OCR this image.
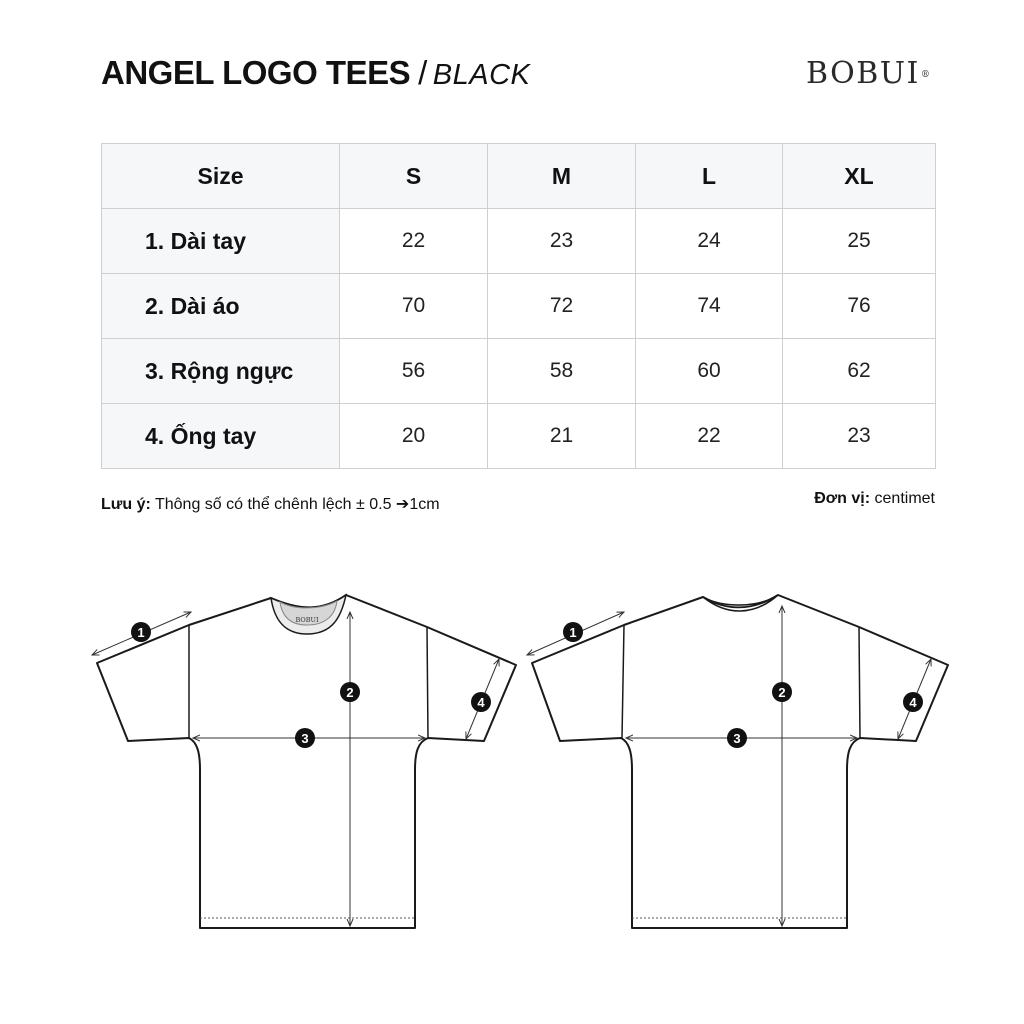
ANGEL LOGO TEES / BLACK	BOBUI®
Size	S	M	L	XL
1. Dài tay	22	23	24	25
2. Dài áo	70	72	74	76
3. Rộng ngực	56	58	60	62
4. Ống tay	20	21	22	23
Lưu ý: Thông số có thể chênh lệch ± 0.5 ➔1cm	Đơn vị: centimet
BOBUI
1
2
3
4
1
2
3
4
